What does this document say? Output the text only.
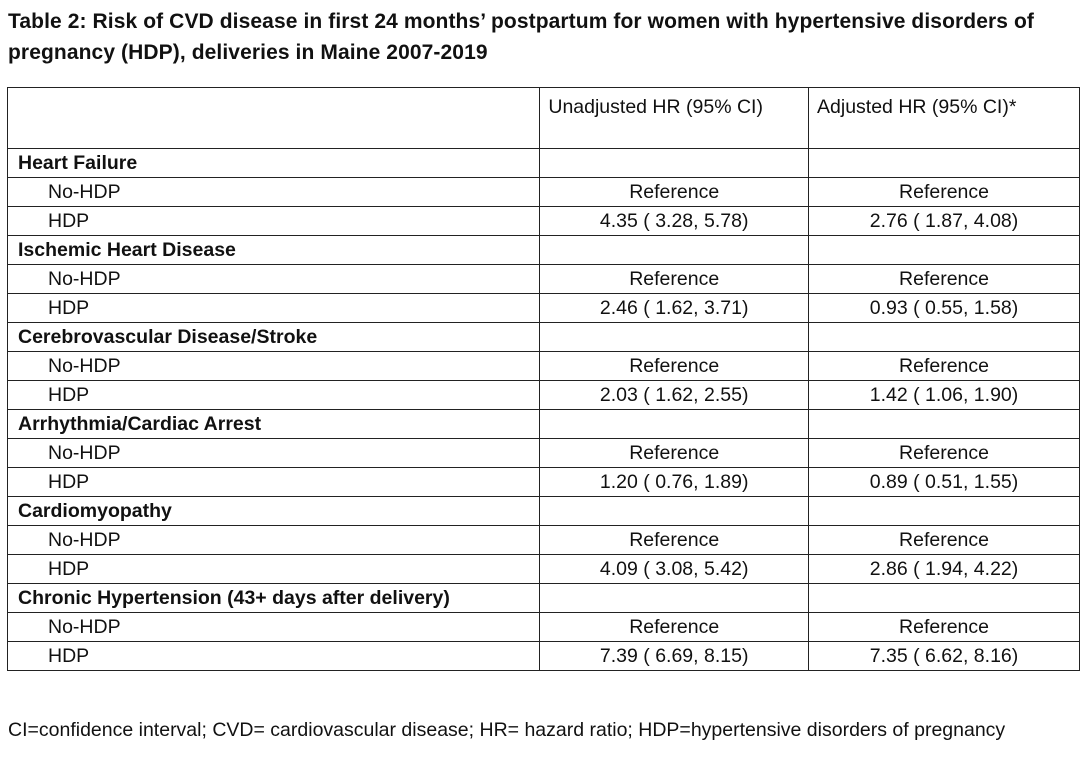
Table 2: Risk of CVD disease in first 24 months’ postpartum for women with hypertensive disorders of pregnancy (HDP), deliveries in Maine 2007-2019
	Unadjusted HR (95% CI)	Adjusted HR (95% CI)*
Heart Failure		
No-HDP	Reference	Reference
HDP	4.35 ( 3.28, 5.78)	2.76 ( 1.87, 4.08)
Ischemic Heart Disease		
No-HDP	Reference	Reference
HDP	2.46 ( 1.62, 3.71)	0.93 ( 0.55, 1.58)
Cerebrovascular Disease/Stroke		
No-HDP	Reference	Reference
HDP	2.03 ( 1.62, 2.55)	1.42 ( 1.06, 1.90)
Arrhythmia/Cardiac Arrest		
No-HDP	Reference	Reference
HDP	1.20 ( 0.76, 1.89)	0.89 ( 0.51, 1.55)
Cardiomyopathy		
No-HDP	Reference	Reference
HDP	4.09 ( 3.08, 5.42)	2.86 ( 1.94, 4.22)
Chronic Hypertension (43+ days after delivery)		
No-HDP	Reference	Reference
HDP	7.39 ( 6.69, 8.15)	7.35 ( 6.62, 8.16)
CI=confidence interval; CVD= cardiovascular disease; HR= hazard ratio; HDP=hypertensive disorders of pregnancy
